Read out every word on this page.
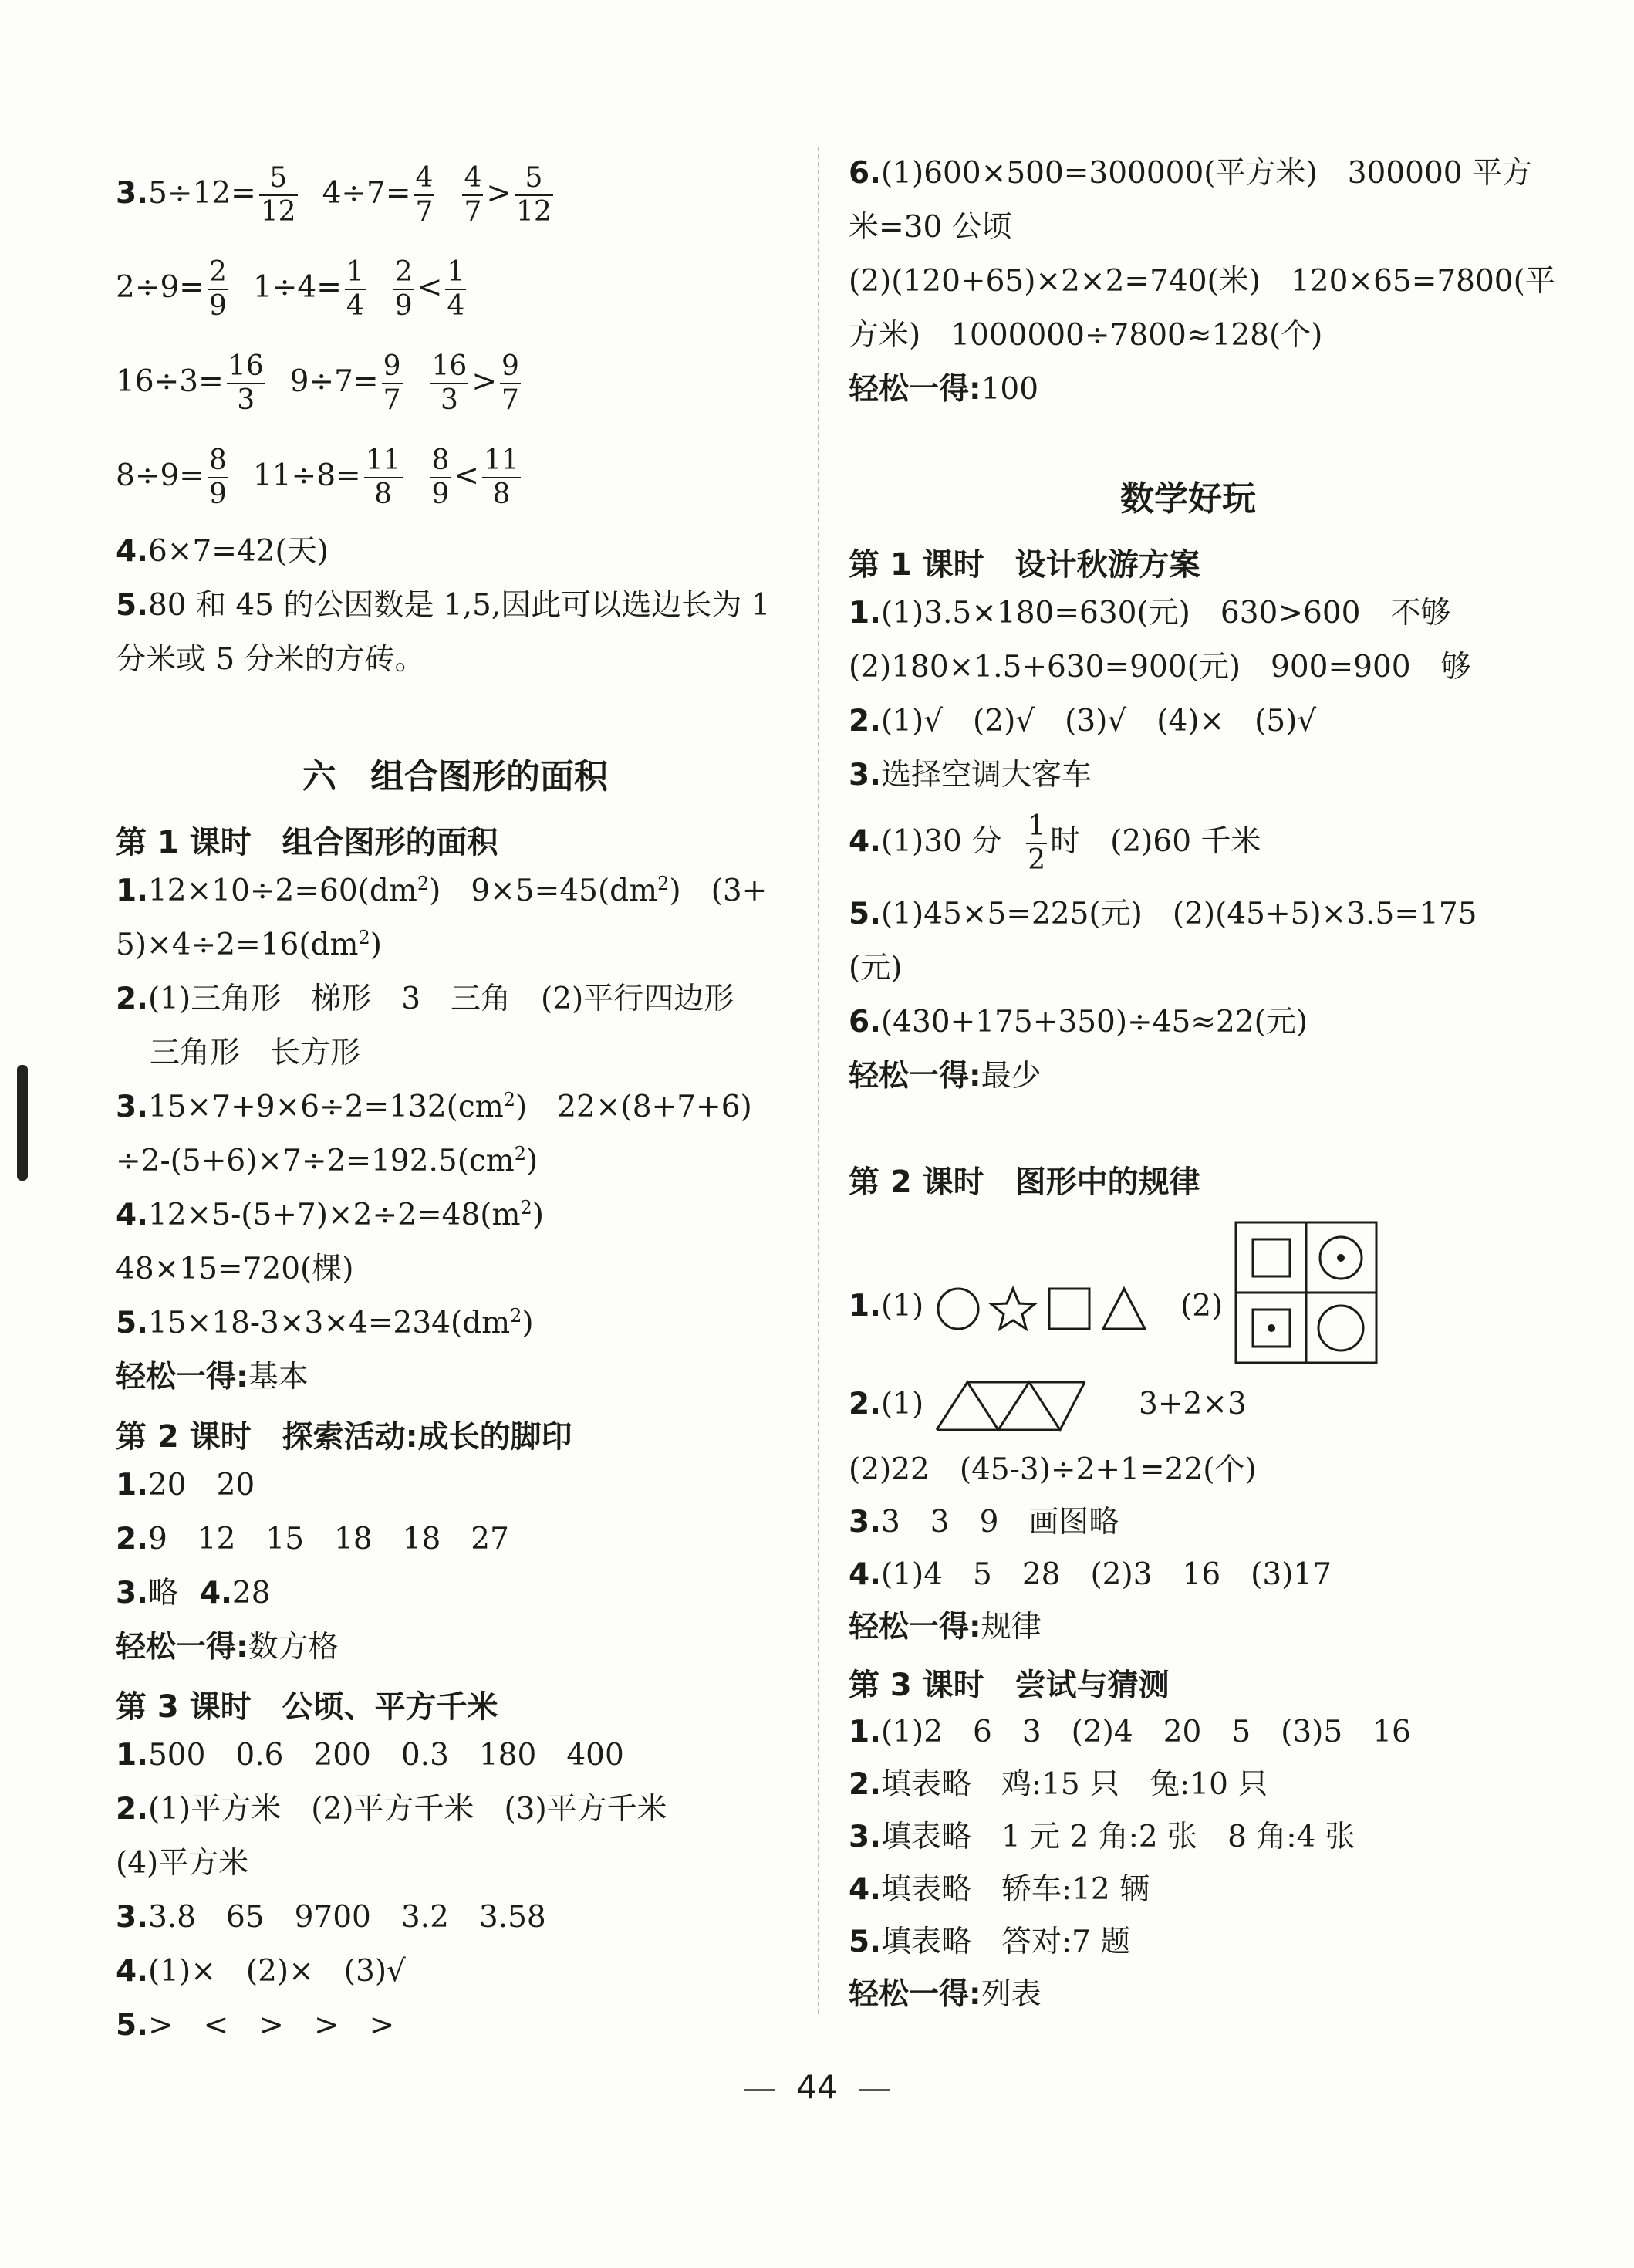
$3.5\div 12= \frac{5}{12} 4\div 7= \frac{4}{7} \frac{4}{7} > \frac{5}{12}$
$2\div 9= \frac{2}{9} 1\div 4= \frac{1}{4} \frac{2}{9} < \frac{1}{4}$
$16\div 3= \frac{16}{3} 9\div 7= \frac{9}{7} \frac{16}{3} > \frac{9}{7}$
$8\div 9= \frac{8}{9} 11\div 8= \frac{11}{8} \frac{8}{9} < \frac{11}{8}$
4.6×7=42(天)
5.80 和 45 的公因数是 1,5,因此可以选边长为 1
分米或 5 分米的方砖。
六　组合图形的面积
第 1 课时　组合图形的面积
$1.12\times 10\div 2=60(dm^2)$　$9\times 5=45(dm^2)$　(3+
$5)\times 4\div 2=16(dm^2)$
2.(1)三角形　梯形　3　三角　(2)平行四边形
三角形　长方形
$3.15\times 7+9\times 6\div 2=132(cm^2)$　22×(8+7+6)
$\div 2-(5+6)\times 7\div 2=192.5(cm^2)$
$4.12\times 5-(5+7)\times 2\div 2=48(m^2)$
48×15=720(棵)
$5.15\times 18-3\times 3\times 4=234(dm^2)$
轻松一得:基本
第 2 课时　探索活动:成长的脚印
1.20　20
2.9　12　15　18　18　27
3.略 4.28
轻松一得:数方格
第 3 课时　公顷、平方千米
1.500　0.6　200　0.3　180　400
2.(1)平方米　(2)平方千米　(3)平方千米
(4)平方米
3.3.8　65　9700　3.2　3.58
4.(1)×　(2)×　(3)√
5.>　<　>　>　>
6.(1)600×500=300000(平方米)　300000 平方
米=30 公顷
(2)(120+65)×2×2=740(米)　120×65=7800(平
方米)　1000000÷7800≈128(个)
轻松一得:100
数学好玩
第 1 课时　设计秋游方案
1.(1)3.5×180=630(元)　630>600　不够
(2)180×1.5+630=900(元)　900=900　够
2.(1)√　(2)√　(3)√　(4)×　(5)√
3.选择空调大客车
4.(1)30 分 $\frac{1}{2}$ 时　(2)60 千米
5.(1)45×5=225(元)　(2)(45+5)×3.5=175
(元)
6.(430+175+350)÷45≈22(元)
轻松一得:最少
第 2 课时　图形中的规律
1.(1)	(2)
2.(1)	3+2×3
(2)22　(45-3)÷2+1=22(个)
3.3　3　9　画图略
4.(1)4　5　28　(2)3　16　(3)17
轻松一得:规律
第 3 课时　尝试与猜测
1.(1)2　6　3　(2)4　20　5　(3)5　16
2.填表略　鸡:15 只　兔:10 只
3.填表略　1 元 2 角:2 张　8 角:4 张
4.填表略　轿车:12 辆
5.填表略　答对:7 题
轻松一得:列表
44
